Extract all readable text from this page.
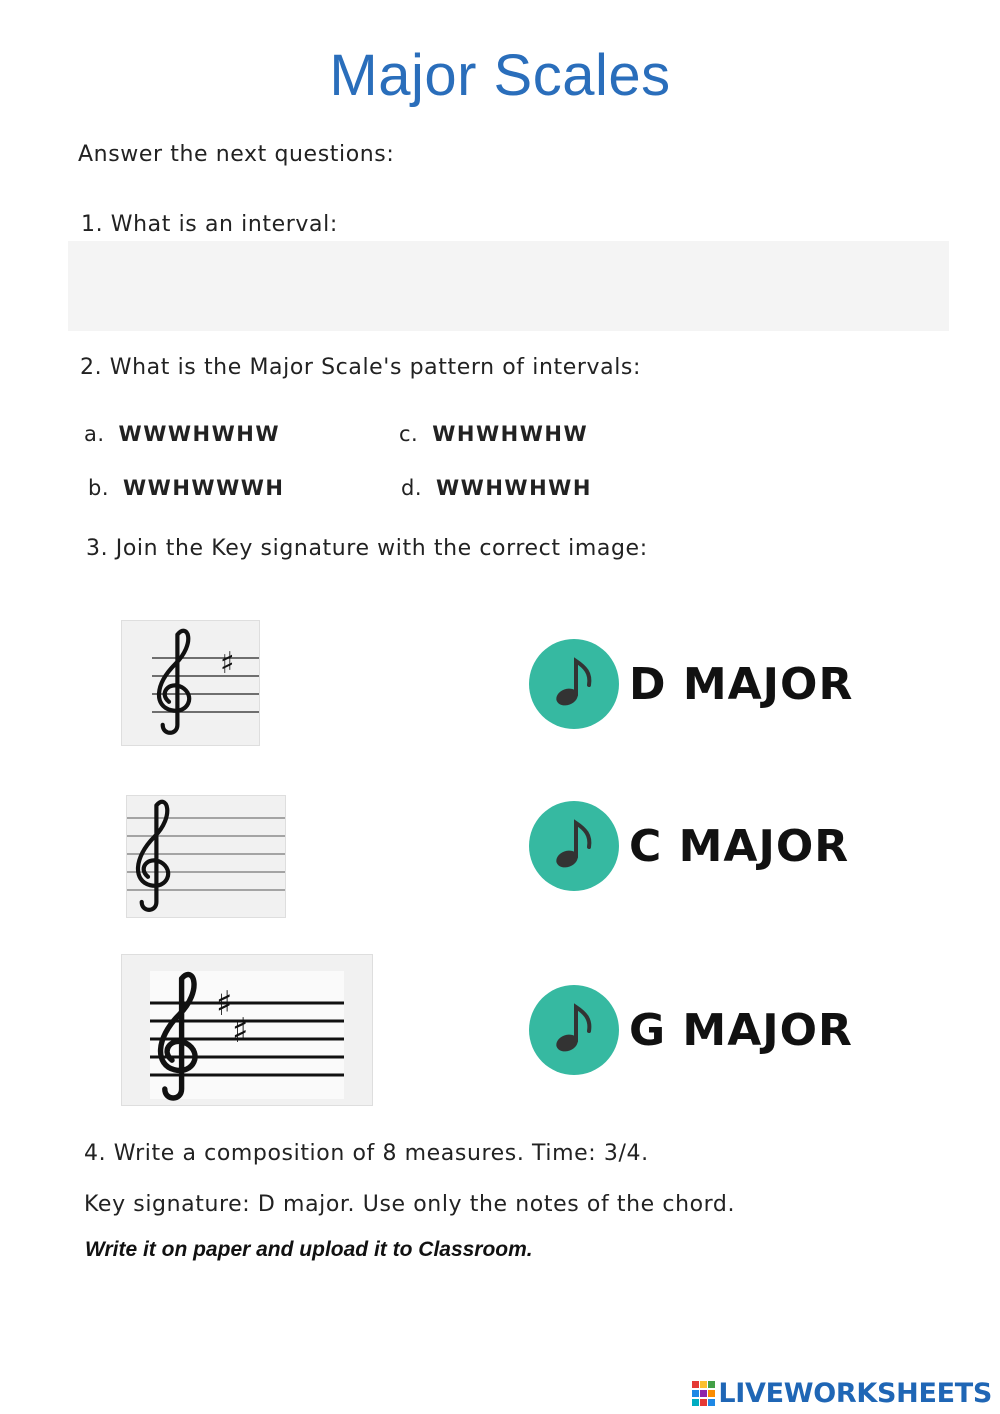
Major Scales
Answer the next questions:
1. What is an interval:
2. What is the Major Scale's pattern of intervals:
a. WWWHWHW
b. WWHWWWH
c. WHWHWHW
d. WWHWHWH
3. Join the Key signature with the correct image:
♯
♯
♯
D MAJOR
C MAJOR
G MAJOR
4. Write a composition of 8 measures. Time: 3/4.
Key signature: D major. Use only the notes of the chord.
Write it on paper and upload it to Classroom.
LIVEWORKSHEETS
